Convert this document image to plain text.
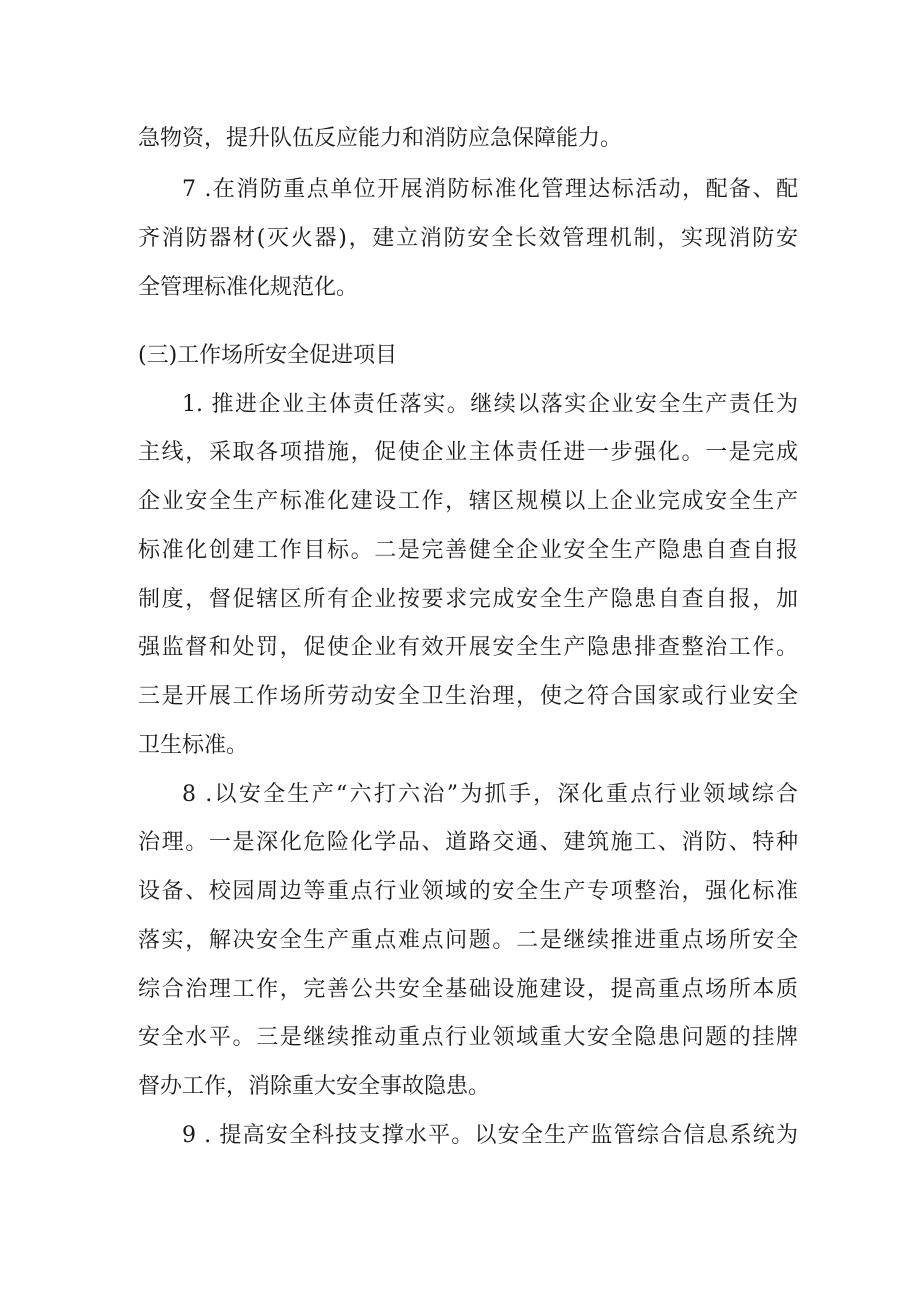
急物资，提升队伍反应能力和消防应急保障能力。
7 .在消防重点单位开展消防标准化管理达标活动，配备、配
齐消防器材(灭火器)，建立消防安全长效管理机制，实现消防安
全管理标准化规范化。
(三)工作场所安全促进项目
1. 推进企业主体责任落实。继续以落实企业安全生产责任为
主线，采取各项措施，促使企业主体责任进一步强化。一是完成
企业安全生产标准化建设工作，辖区规模以上企业完成安全生产
标准化创建工作目标。二是完善健全企业安全生产隐患自查自报
制度，督促辖区所有企业按要求完成安全生产隐患自查自报，加
强监督和处罚，促使企业有效开展安全生产隐患排查整治工作。
三是开展工作场所劳动安全卫生治理，使之符合国家或行业安全
卫生标准。
8 .以安全生产“六打六治”为抓手，深化重点行业领域综合
治理。一是深化危险化学品、道路交通、建筑施工、消防、特种
设备、校园周边等重点行业领域的安全生产专项整治，强化标准
落实，解决安全生产重点难点问题。二是继续推进重点场所安全
综合治理工作，完善公共安全基础设施建设，提高重点场所本质
安全水平。三是继续推动重点行业领域重大安全隐患问题的挂牌
督办工作，消除重大安全事故隐患。
9 . 提高安全科技支撑水平。以安全生产监管综合信息系统为
